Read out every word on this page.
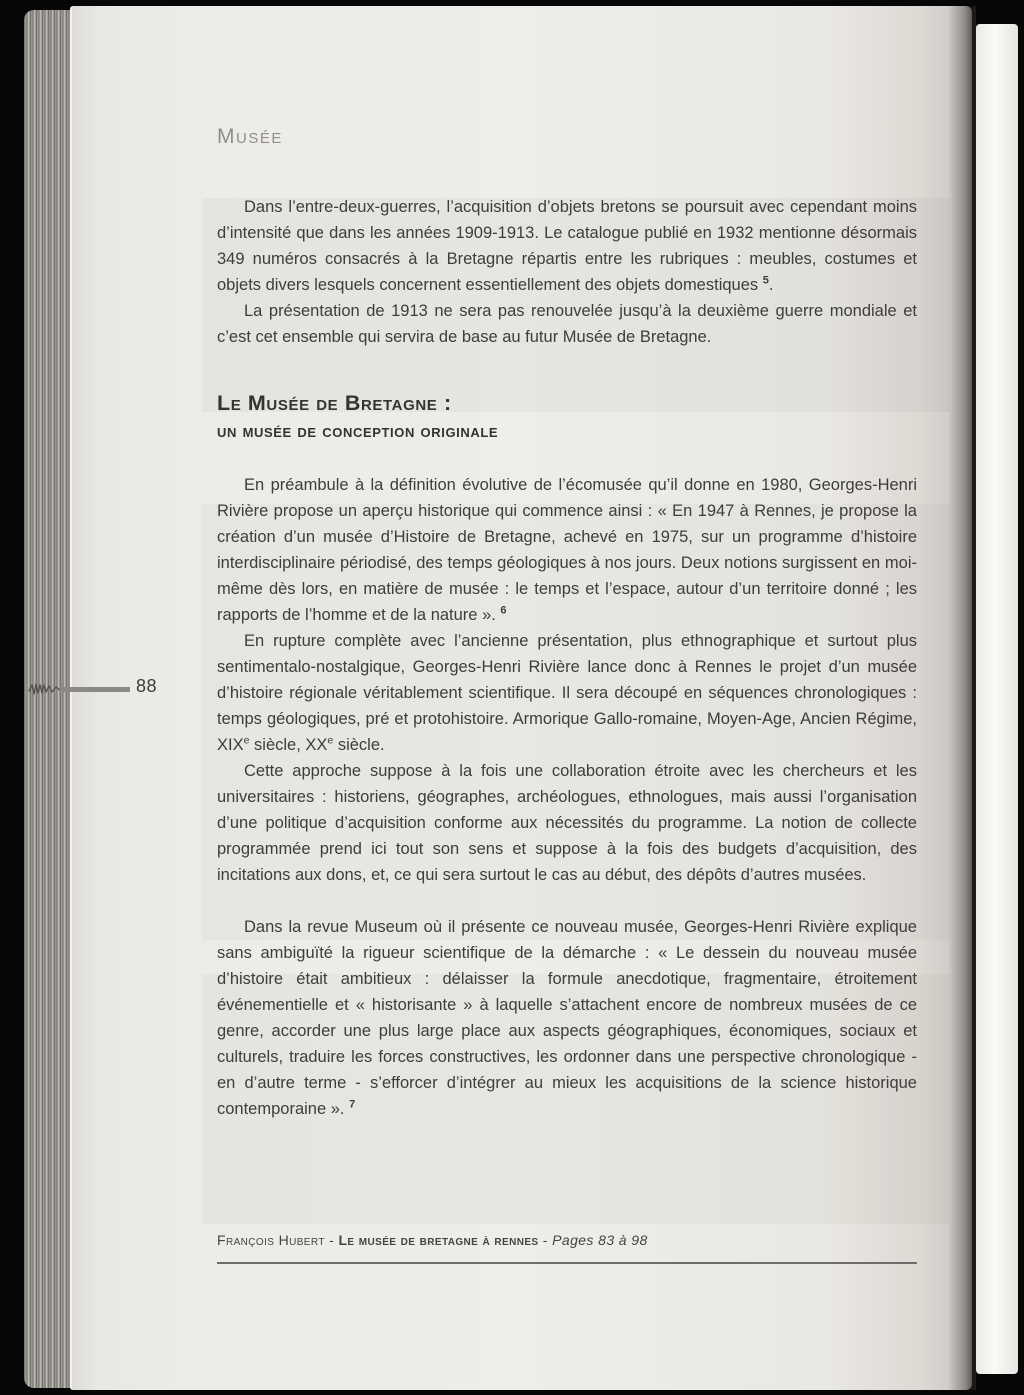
Musée

Dans l’entre-deux-guerres, l’acquisition d’objets bretons se poursuit avec cependant moins d’intensité que dans les années 1909-1913. Le catalogue publié en 1932 mentionne désormais 349 numéros consacrés à la Bretagne répartis entre les rubriques : meubles, costumes et objets divers lesquels concernent essentiellement des objets domestiques $^5$.

La présentation de 1913 ne sera pas renouvelée jusqu’à la deuxième guerre mondiale et c’est cet ensemble qui servira de base au futur Musée de Bretagne.

Le Musée de Bretagne :
un musée de conception originale

En préambule à la définition évolutive de l’écomusée qu’il donne en 1980, Georges-Henri Rivière propose un aperçu historique qui commence ainsi : « En 1947 à Rennes, je propose la création d’un musée d’Histoire de Bretagne, achevé en 1975, sur un programme d’histoire interdisciplinaire périodisé, des temps géologiques à nos jours. Deux notions surgissent en moi-même dès lors, en matière de musée : le temps et l’espace, autour d’un territoire donné ; les rapports de l’homme et de la nature ». $^6$

En rupture complète avec l’ancienne présentation, plus ethnographique et surtout plus sentimentalo-nostalgique, Georges-Henri Rivière lance donc à Rennes le projet d’un musée d’histoire régionale véritablement scientifique. Il sera découpé en séquences chronologiques : temps géologiques, pré et protohistoire. Armorique Gallo-romaine, Moyen-Age, Ancien Régime, XIXe siècle, XXe siècle.

Cette approche suppose à la fois une collaboration étroite avec les chercheurs et les universitaires : historiens, géographes, archéologues, ethnologues, mais aussi l’organisation d’une politique d’acquisition conforme aux nécessités du programme. La notion de collecte programmée prend ici tout son sens et suppose à la fois des budgets d’acquisition, des incitations aux dons, et, ce qui sera surtout le cas au début, des dépôts d’autres musées.

Dans la revue Museum où il présente ce nouveau musée, Georges-Henri Rivière explique sans ambiguïté la rigueur scientifique de la démarche : « Le dessein du nouveau musée d’histoire était ambitieux : délaisser la formule anecdotique, fragmentaire, étroitement événementielle et « historisante » à laquelle s’attachent encore de nombreux musées de ce genre, accorder une plus large place aux aspects géographiques, économiques, sociaux et culturels, traduire les forces constructives, les ordonner dans une perspective chronologique - en d’autre terme - s’efforcer d’intégrer au mieux les acquisitions de la science historique contemporaine ». $^7$

François Hubert - Le musée de bretagne à rennes - Pages 83 à 98
88
